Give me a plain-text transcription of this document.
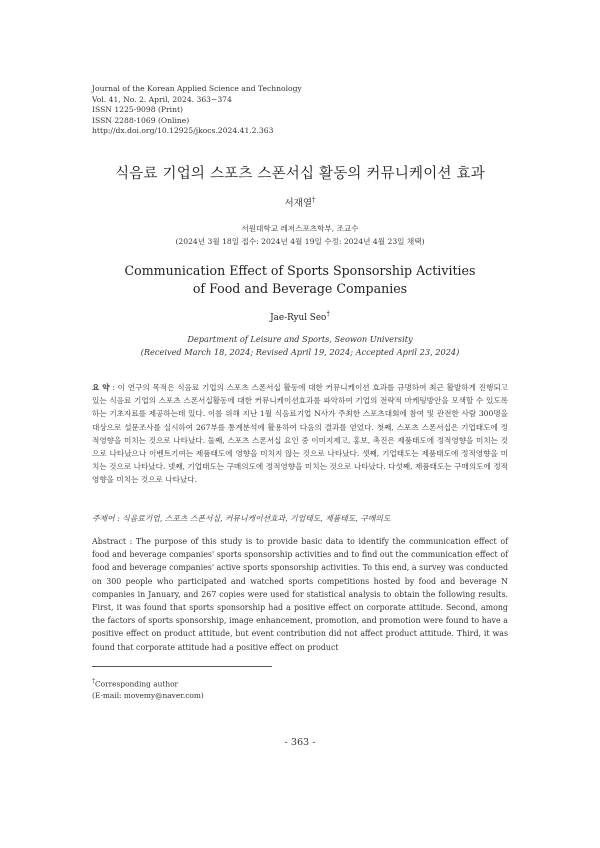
Journal of the Korean Applied Science and Technology
Vol. 41, No. 2. April, 2024. 363~374
ISSN 1225-9098 (Print)
ISSN 2288-1069 (Online)
http://dx.doi.org/10.12925/jkocs.2024.41.2.363
식음료 기업의 스포츠 스폰서십 활동의 커뮤니케이션 효과
서재열†
서원대학교 레저스포츠학부, 조교수
(2024년 3월 18일 접수: 2024년 4월 19일 수정: 2024년 4월 23일 채택)
Communication Effect of Sports Sponsorship Activities
of Food and Beverage Companies
Jae-Ryul Seo†
Department of Leisure and Sports, Seowon University
(Received March 18, 2024; Revised April 19, 2024; Accepted April 23, 2024)
요 약 : 이 연구의 목적은 식음료 기업의 스포츠 스폰서십 활동에 대한 커뮤니케이션 효과를 규명하여 최근 활발하게 진행되고 있는 식음료 기업의 스포츠 스폰서십활동에 대한 커뮤니케이션효과를 파악하여 기업의 전략적 마케팅방안을 모색할 수 있도록 하는 기초자료를 제공하는데 있다. 이를 위해 지난 1월 식음료기업 N사가 주최한 스포츠대회에 참여 및 관전한 사람 300명을 대상으로 설문조사를 실시하여 267부를 통계분석에 활용하여 다음의 결과를 얻었다. 첫째, 스포츠 스폰서십은 기업태도에 정적영향을 미치는 것으로 나타났다. 둘째, 스포츠 스폰서십 요인 중 이미지제고, 홍보, 촉진은 제품태도에 정적영향을 미치는 것으로 나타났으나 이벤트기여는 제품태도에 영향을 미치지 않는 것으로 나타났다. 셋째, 기업태도는 제품태도에 정적영향을 미치는 것으로 나타났다. 넷째, 기업태도는 구매의도에 정적영향을 미치는 것으로 나타났다. 다섯째, 제품태도는 구매의도에 정적영향을 미치는 것으로 나타났다.
주제어 : 식음료기업, 스포츠 스폰서십, 커뮤니케이션효과, 기업태도, 제품태도, 구매의도
Abstract : The purpose of this study is to provide basic data to identify the communication effect of food and beverage companies' sports sponsorship activities and to find out the communication effect of food and beverage companies' active sports sponsorship activities. To this end, a survey was conducted on 300 people who participated and watched sports competitions hosted by food and beverage N companies in January, and 267 copies were used for statistical analysis to obtain the following results. First, it was found that sports sponsorship had a positive effect on corporate attitude. Second, among the factors of sports sponsorship, image enhancement, promotion, and promotion were found to have a positive effect on product attitude, but event contribution did not affect product attitude. Third, it was found that corporate attitude had a positive effect on product
†Corresponding author
(E-mail: movemy@naver.com)
- 363 -
